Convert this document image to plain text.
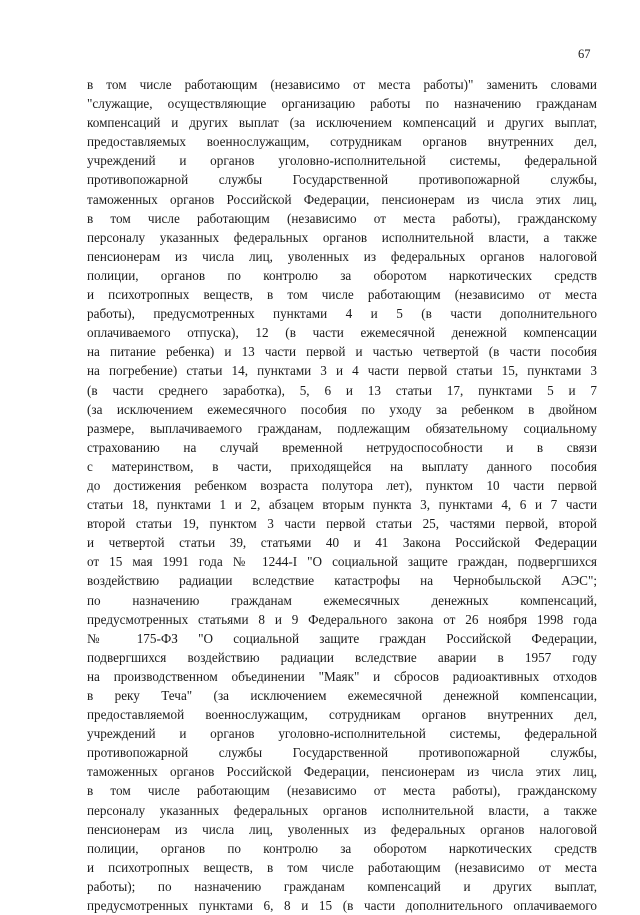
67
в том числе работающим (независимо от места работы)" заменить словами
"служащие, осуществляющие организацию работы по назначению гражданам
компенсаций и других выплат (за исключением компенсаций и других выплат,
предоставляемых военнослужащим, сотрудникам органов внутренних дел,
учреждений и органов уголовно-исполнительной системы, федеральной
противопожарной службы Государственной противопожарной службы,
таможенных органов Российской Федерации, пенсионерам из числа этих лиц,
в том числе работающим (независимо от места работы), гражданскому
персоналу указанных федеральных органов исполнительной власти, а также
пенсионерам из числа лиц, уволенных из федеральных органов налоговой
полиции, органов по контролю за оборотом наркотических средств
и психотропных веществ, в том числе работающим (независимо от места
работы), предусмотренных пунктами 4 и 5 (в части дополнительного
оплачиваемого отпуска), 12 (в части ежемесячной денежной компенсации
на питание ребенка) и 13 части первой и частью четвертой (в части пособия
на погребение) статьи 14, пунктами 3 и 4 части первой статьи 15, пунктами 3
(в части среднего заработка), 5, 6 и 13 статьи 17, пунктами 5 и 7
(за исключением ежемесячного пособия по уходу за ребенком в двойном
размере, выплачиваемого гражданам, подлежащим обязательному социальному
страхованию на случай временной нетрудоспособности и в связи
с материнством, в части, приходящейся на выплату данного пособия
до достижения ребенком возраста полутора лет), пунктом 10 части первой
статьи 18, пунктами 1 и 2, абзацем вторым пункта 3, пунктами 4, 6 и 7 части
второй статьи 19, пунктом 3 части первой статьи 25, частями первой, второй
и четвертой статьи 39, статьями 40 и 41 Закона Российской Федерации
от 15 мая 1991 года № 1244-I "О социальной защите граждан, подвергшихся
воздействию радиации вследствие катастрофы на Чернобыльской АЭС";
по назначению гражданам ежемесячных денежных компенсаций,
предусмотренных статьями 8 и 9 Федерального закона от 26 ноября 1998 года
№ 175-ФЗ "О социальной защите граждан Российской Федерации,
подвергшихся воздействию радиации вследствие аварии в 1957 году
на производственном объединении "Маяк" и сбросов радиоактивных отходов
в реку Теча" (за исключением ежемесячной денежной компенсации,
предоставляемой военнослужащим, сотрудникам органов внутренних дел,
учреждений и органов уголовно-исполнительной системы, федеральной
противопожарной службы Государственной противопожарной службы,
таможенных органов Российской Федерации, пенсионерам из числа этих лиц,
в том числе работающим (независимо от места работы), гражданскому
персоналу указанных федеральных органов исполнительной власти, а также
пенсионерам из числа лиц, уволенных из федеральных органов налоговой
полиции, органов по контролю за оборотом наркотических средств
и психотропных веществ, в том числе работающим (независимо от места
работы); по назначению гражданам компенсаций и других выплат,
предусмотренных пунктами 6, 8 и 15 (в части дополнительного оплачиваемого
